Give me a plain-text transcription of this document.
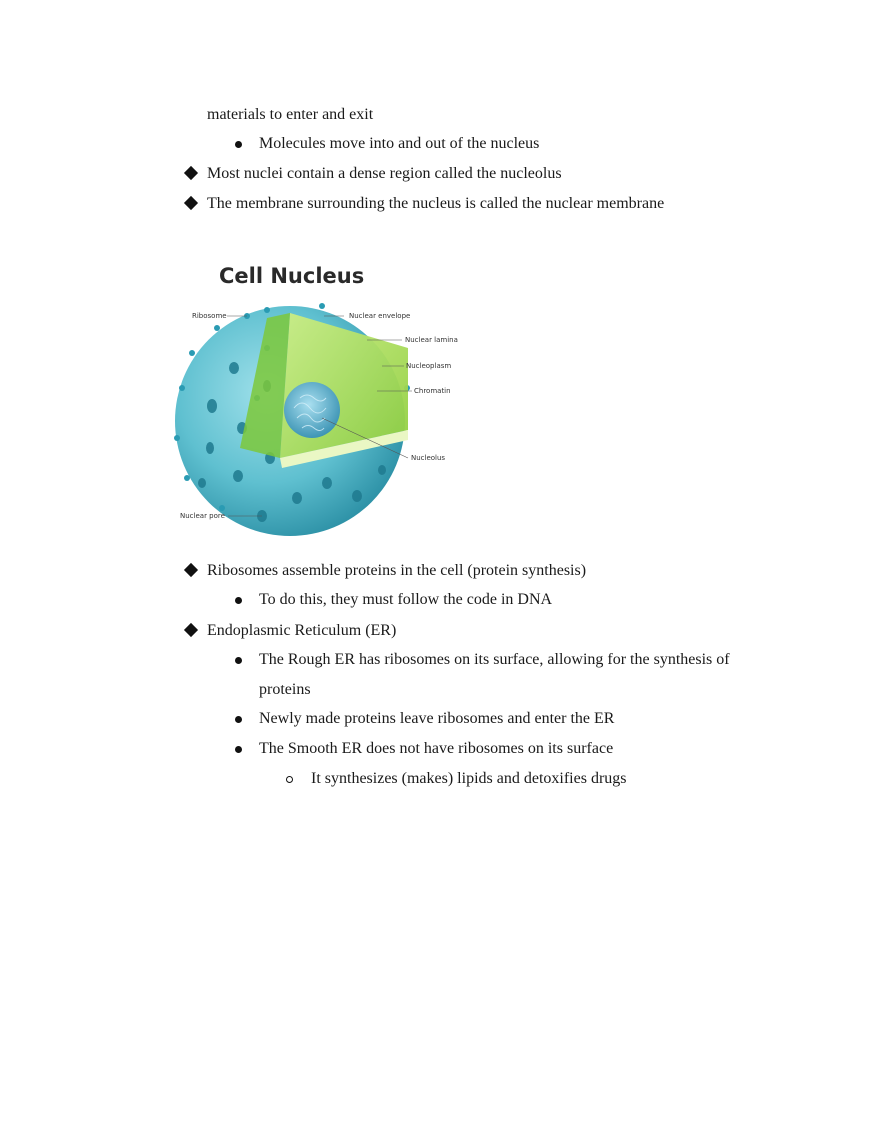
materials to enter and exit
Molecules move into and out of the nucleus
Most nuclei contain a dense region called the nucleolus
The membrane surrounding the nucleus is called the nuclear membrane
Cell Nucleus
Ribosome	Nuclear envelope
Nuclear lamina
Nucleoplasm
Chromatin
Nucleolus
Nuclear pore
Ribosomes assemble proteins in the cell (protein synthesis)
To do this, they must follow the code in DNA
Endoplasmic Reticulum (ER)
The Rough ER has ribosomes on its surface, allowing for the synthesis of
proteins
Newly made proteins leave ribosomes and enter the ER
The Smooth ER does not have ribosomes on its surface
It synthesizes (makes) lipids and detoxifies drugs
